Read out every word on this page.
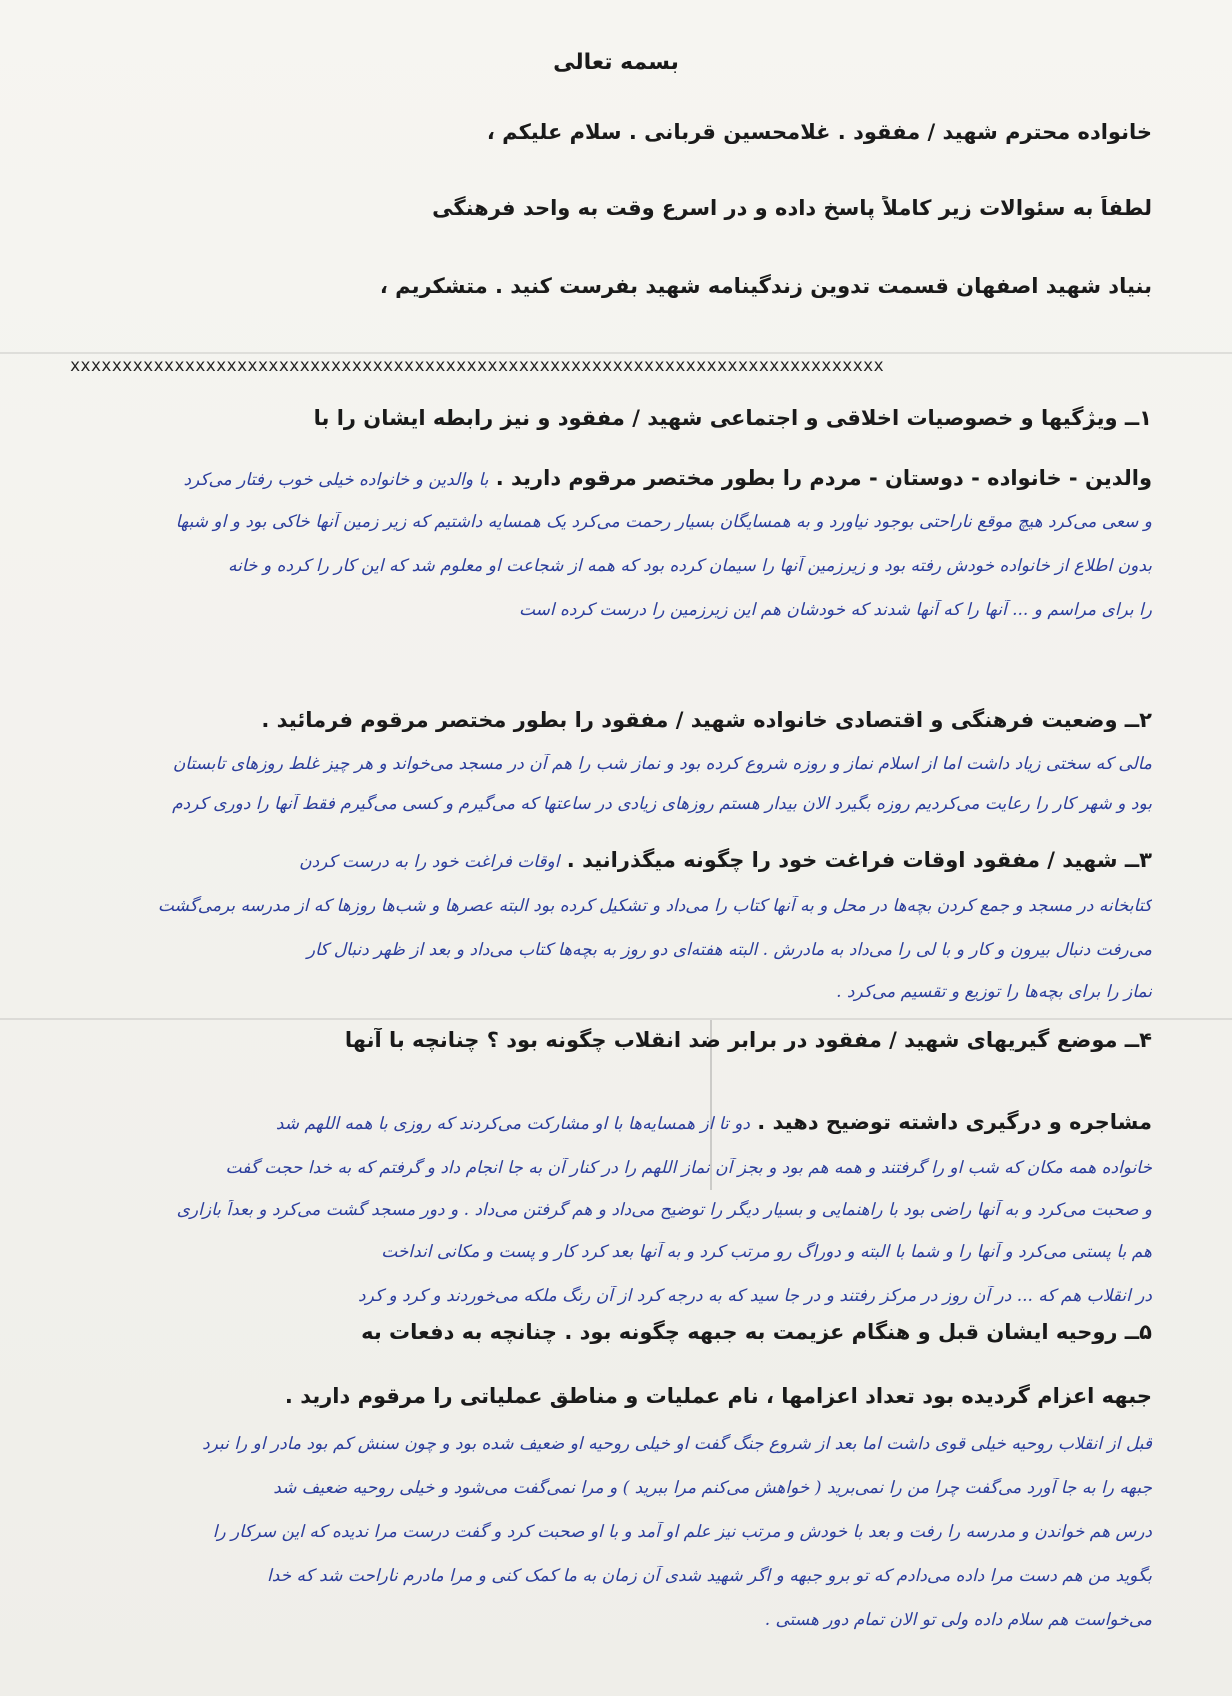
بسمه تعالی
خانواده محترم شهید / مفقود . غلامحسین قربانی . سلام علیکم ،
لطفاً به سئوالات زیر کاملاً پاسخ داده و در اسرع وقت به واحد فرهنگی
بنیاد شهید اصفهان قسمت تدوین زندگینامه شهید بفرست کنید . متشکریم ،
xxxxxxxxxxxxxxxxxxxxxxxxxxxxxxxxxxxxxxxxxxxxxxxxxxxxxxxxxxxxxxxxxxxxxxxxxxxxxx
۱ــ ویژگیها و خصوصیات اخلاقی و اجتماعی شهید / مفقود و نیز رابطه ایشان را با
والدین - خانواده - دوستان - مردم را بطور مختصر مرقوم دارید . با والدین و خانواده خیلی خوب رفتار می‌کرد
و سعی می‌کرد هیچ موقع ناراحتی بوجود نیاورد و به همسایگان بسیار رحمت می‌کرد یک همسایه داشتیم که زیر زمین آنها خاکی بود و او شبها
بدون اطلاع از خانواده خودش رفته بود و زیرزمین آنها را سیمان کرده بود که همه از شجاعت او معلوم شد که این کار را کرده و خانه
را برای مراسم و ... آنها را که آنها شدند که خودشان هم این زیرزمین را درست کرده است
۲ــ وضعیت فرهنگی و اقتصادی خانواده شهید / مفقود را بطور مختصر مرقوم فرمائید .
مالی که سختی زیاد داشت اما از اسلام نماز و روزه شروع کرده بود و نماز شب را هم آن در مسجد می‌خواند و هر چیز غلط روزهای تابستان
بود و شهر کار را رعایت می‌کردیم روزه بگیرد الان بیدار هستم روزهای زیادی در ساعتها که می‌گیرم و کسی می‌گیرم فقط آنها را دوری کردم
۳ــ شهید / مفقود اوقات فراغت خود را چگونه میگذرانید . اوقات فراغت خود را به درست کردن
کتابخانه در مسجد و جمع کردن بچه‌ها در محل و به آنها کتاب را می‌داد و تشکیل کرده بود البته عصرها و شب‌ها روزها که از مدرسه برمی‌گشت
می‌رفت دنبال بیرون و کار و با لی را می‌داد به مادرش . البته هفته‌ای دو روز به بچه‌ها کتاب می‌داد و بعد از ظهر دنبال کار
نماز را برای بچه‌ها را توزیع و تقسیم می‌کرد .
۴ــ موضع گیریهای شهید / مفقود در برابر ضد انقلاب چگونه بود ؟ چنانچه با آنها
مشاجره و درگیری داشته توضیح دهید . دو تا از همسایه‌ها با او مشارکت می‌کردند که روزی با همه اللهم شد
خانواده همه مکان که شب او را گرفتند و همه هم بود و بجز آن نماز اللهم را در کنار آن به جا انجام داد و گرفتم که به خدا حجت گفت
و صحبت می‌کرد و به آنها راضی بود با راهنمایی و بسیار دیگر را توضیح می‌داد و هم گرفتن می‌داد . و دور مسجد گشت می‌کرد و بعداً بازاری
هم با پستی می‌کرد و آنها را و شما با البته و دوراگ رو مرتب کرد و به آنها بعد کرد کار و پست و مکانی انداخت
در انقلاب هم که ... در آن روز در مرکز رفتند و در جا سید که به درجه کرد از آن رنگ ملکه می‌خوردند و کرد و کرد
۵ــ روحیه ایشان قبل و هنگام عزیمت به جبهه چگونه بود . چنانچه به دفعات به
جبهه اعزام گردیده بود تعداد اعزامها ، نام عملیات و مناطق عملیاتی را مرقوم دارید .
قبل از انقلاب روحیه خیلی قوی داشت اما بعد از شروع جنگ گفت او خیلی روحیه او ضعیف شده بود و چون سنش کم بود مادر او را نبرد
جبهه را به جا آورد می‌گفت چرا من را نمی‌برید ( خواهش می‌کنم مرا ببرید ) و مرا نمی‌گفت می‌شود و خیلی روحیه ضعیف شد
درس هم خواندن و مدرسه را رفت و بعد با خودش و مرتب نیز علم او آمد و با او صحبت کرد و گفت درست مرا ندیده که این سرکار را
بگوید من هم دست مرا داده می‌دادم که تو برو جبهه و اگر شهید شدی آن زمان به ما کمک کنی و مرا مادرم ناراحت شد که خدا
می‌خواست هم سلام داده ولی تو الان تمام دور هستی .
